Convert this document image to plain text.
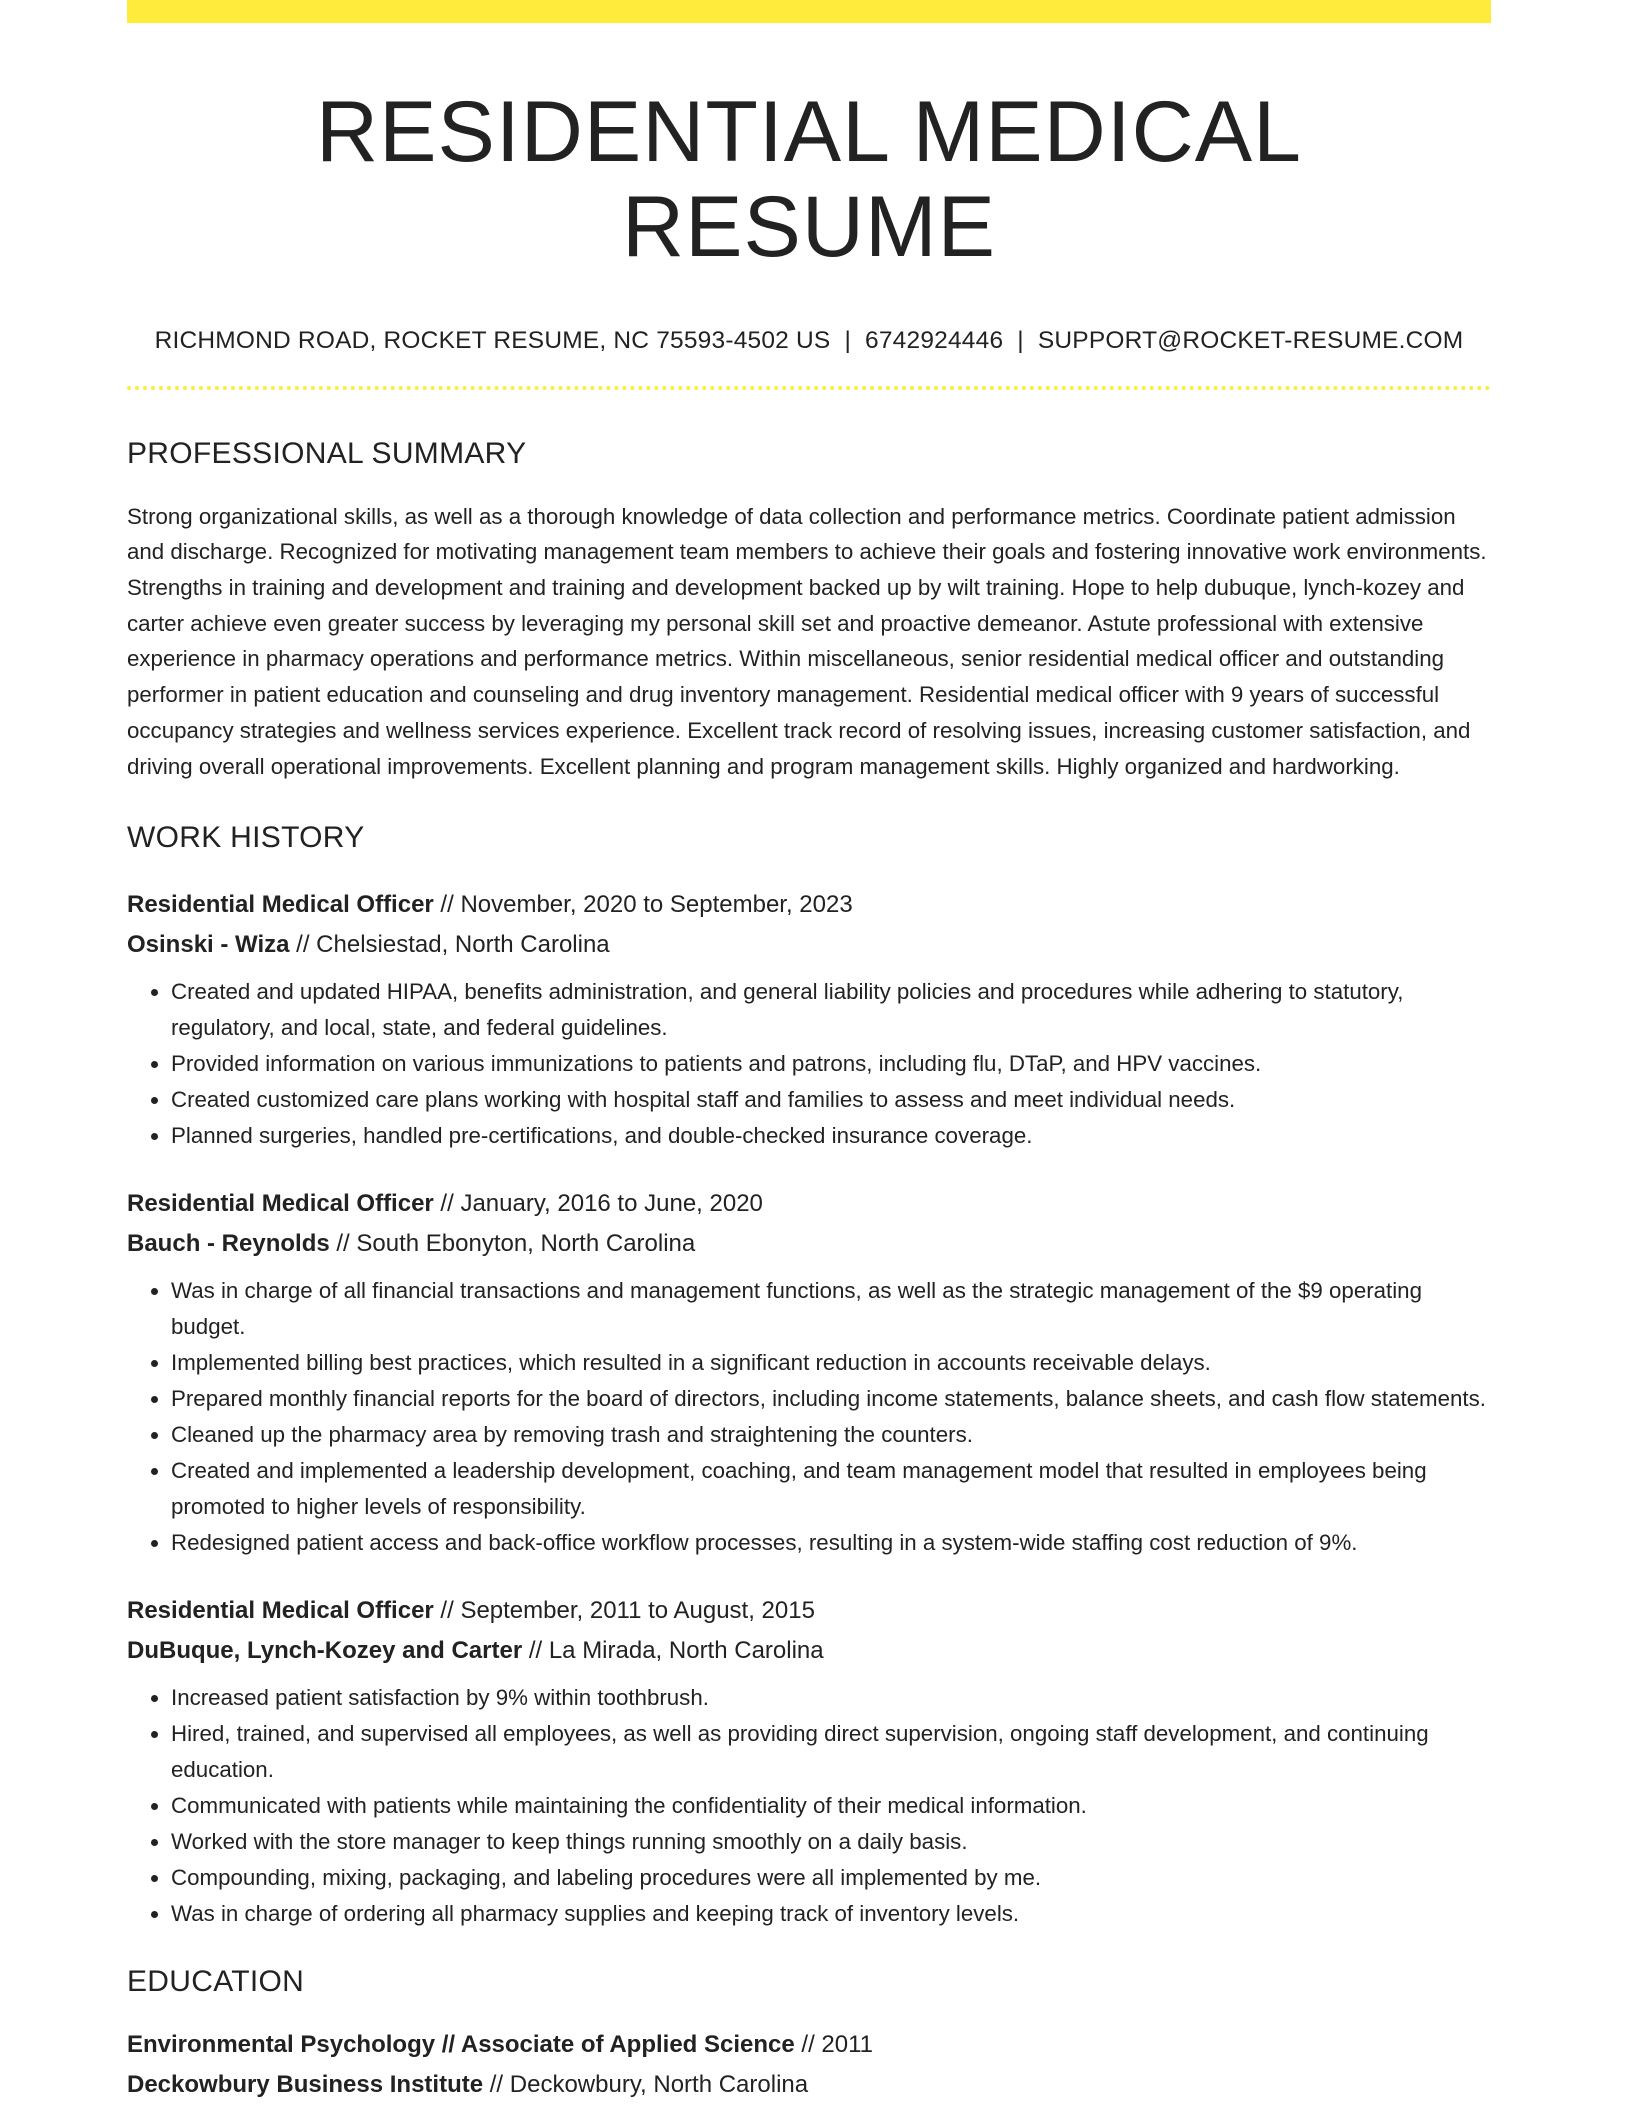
RESIDENTIAL MEDICAL RESUME
RICHMOND ROAD, ROCKET RESUME, NC 75593-4502 US | 6742924446 | SUPPORT@ROCKET-RESUME.COM
PROFESSIONAL SUMMARY

Strong organizational skills, as well as a thorough knowledge of data collection and performance metrics. Coordinate patient admission and discharge. Recognized for motivating management team members to achieve their goals and fostering innovative work environments. Strengths in training and development and training and development backed up by wilt training. Hope to help dubuque, lynch-kozey and carter achieve even greater success by leveraging my personal skill set and proactive demeanor. Astute professional with extensive experience in pharmacy operations and performance metrics. Within miscellaneous, senior residential medical officer and outstanding performer in patient education and counseling and drug inventory management. Residential medical officer with 9 years of successful occupancy strategies and wellness services experience. Excellent track record of resolving issues, increasing customer satisfaction, and driving overall operational improvements. Excellent planning and program management skills. Highly organized and hardworking.

WORK HISTORY
Residential Medical Officer // November, 2020 to September, 2023
Osinski - Wiza // Chelsiestad, North Carolina
• Created and updated HIPAA, benefits administration, and general liability policies and procedures while adhering to statutory, regulatory, and local, state, and federal guidelines.
• Provided information on various immunizations to patients and patrons, including flu, DTaP, and HPV vaccines.
• Created customized care plans working with hospital staff and families to assess and meet individual needs.
• Planned surgeries, handled pre-certifications, and double-checked insurance coverage.
Residential Medical Officer // January, 2016 to June, 2020
Bauch - Reynolds // South Ebonyton, North Carolina
• Was in charge of all financial transactions and management functions, as well as the strategic management of the $9 operating budget.
• Implemented billing best practices, which resulted in a significant reduction in accounts receivable delays.
• Prepared monthly financial reports for the board of directors, including income statements, balance sheets, and cash flow statements.
• Cleaned up the pharmacy area by removing trash and straightening the counters.
• Created and implemented a leadership development, coaching, and team management model that resulted in employees being promoted to higher levels of responsibility.
• Redesigned patient access and back-office workflow processes, resulting in a system-wide staffing cost reduction of 9%.
Residential Medical Officer // September, 2011 to August, 2015
DuBuque, Lynch-Kozey and Carter // La Mirada, North Carolina
• Increased patient satisfaction by 9% within toothbrush.
• Hired, trained, and supervised all employees, as well as providing direct supervision, ongoing staff development, and continuing education.
• Communicated with patients while maintaining the confidentiality of their medical information.
• Worked with the store manager to keep things running smoothly on a daily basis.
• Compounding, mixing, packaging, and labeling procedures were all implemented by me.
• Was in charge of ordering all pharmacy supplies and keeping track of inventory levels.
EDUCATION
Environmental Psychology // Associate of Applied Science // 2011
Deckowbury Business Institute // Deckowbury, North Carolina
